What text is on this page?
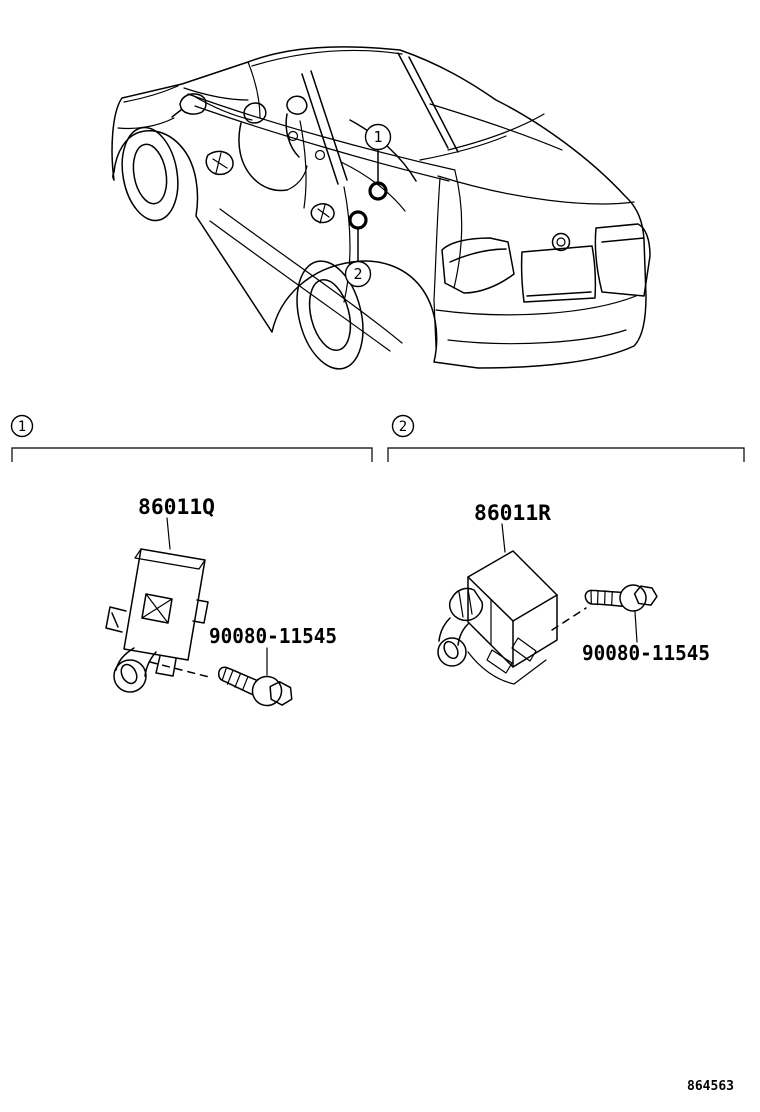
1
2
1
86011Q
90080-11545
2
86011R
90080-11545
864563
